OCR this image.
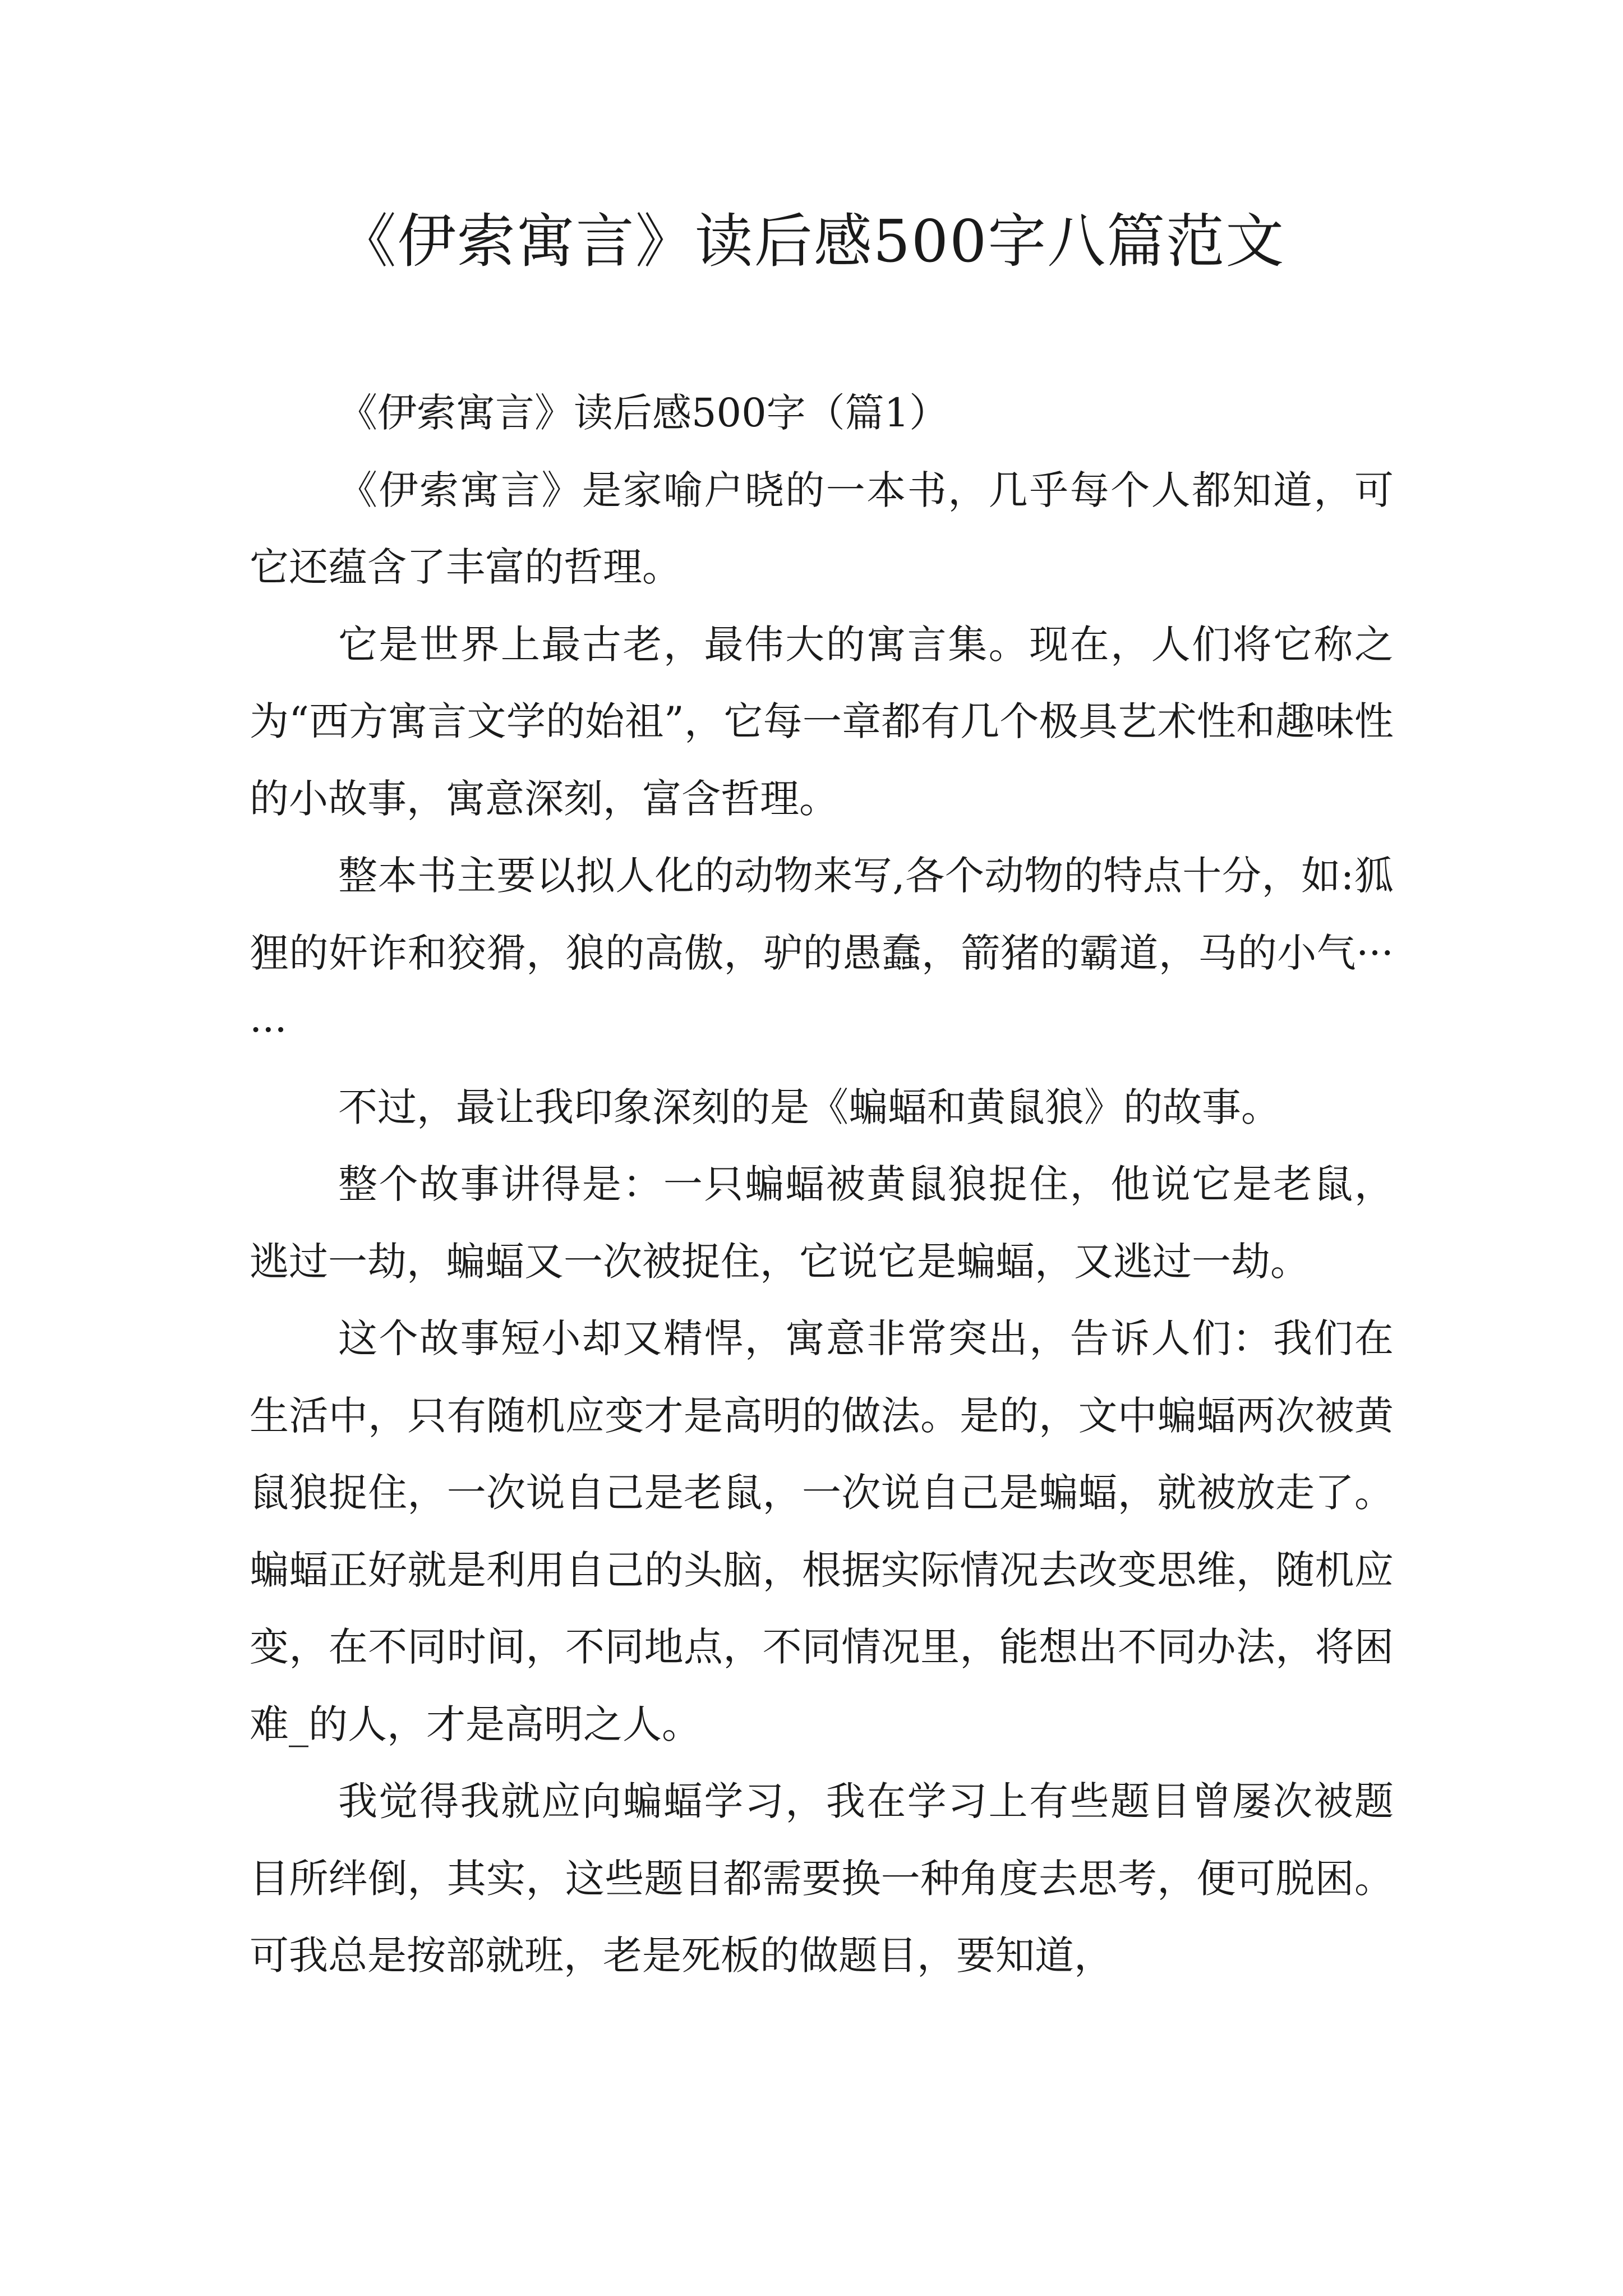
《伊索寓言》读后感500字八篇范文

《伊索寓言》读后感500字（篇1）

《伊索寓言》是家喻户晓的一本书，几乎每个人都知道，可它还蕴含了丰富的哲理。

它是世界上最古老，最伟大的寓言集。现在，人们将它称之为“西方寓言文学的始祖”，它每一章都有几个极具艺术性和趣味性的小故事，寓意深刻，富含哲理。

整本书主要以拟人化的动物来写,各个动物的特点十分，如:狐狸的奸诈和狡猾，狼的高傲，驴的愚蠢，箭猪的霸道，马的小气······

不过，最让我印象深刻的是《蝙蝠和黄鼠狼》的故事。

整个故事讲得是：一只蝙蝠被黄鼠狼捉住，他说它是老鼠，逃过一劫，蝙蝠又一次被捉住，它说它是蝙蝠，又逃过一劫。

这个故事短小却又精悍，寓意非常突出，告诉人们：我们在生活中，只有随机应变才是高明的做法。是的，文中蝙蝠两次被黄鼠狼捉住，一次说自己是老鼠，一次说自己是蝙蝠，就被放走了。蝙蝠正好就是利用自己的头脑，根据实际情况去改变思维，随机应变，在不同时间，不同地点，不同情况里，能想出不同办法，将困难_的人，才是高明之人。

我觉得我就应向蝙蝠学习，我在学习上有些题目曾屡次被题目所绊倒，其实，这些题目都需要换一种角度去思考，便可脱困。可我总是按部就班，老是死板的做题目，要知道，
